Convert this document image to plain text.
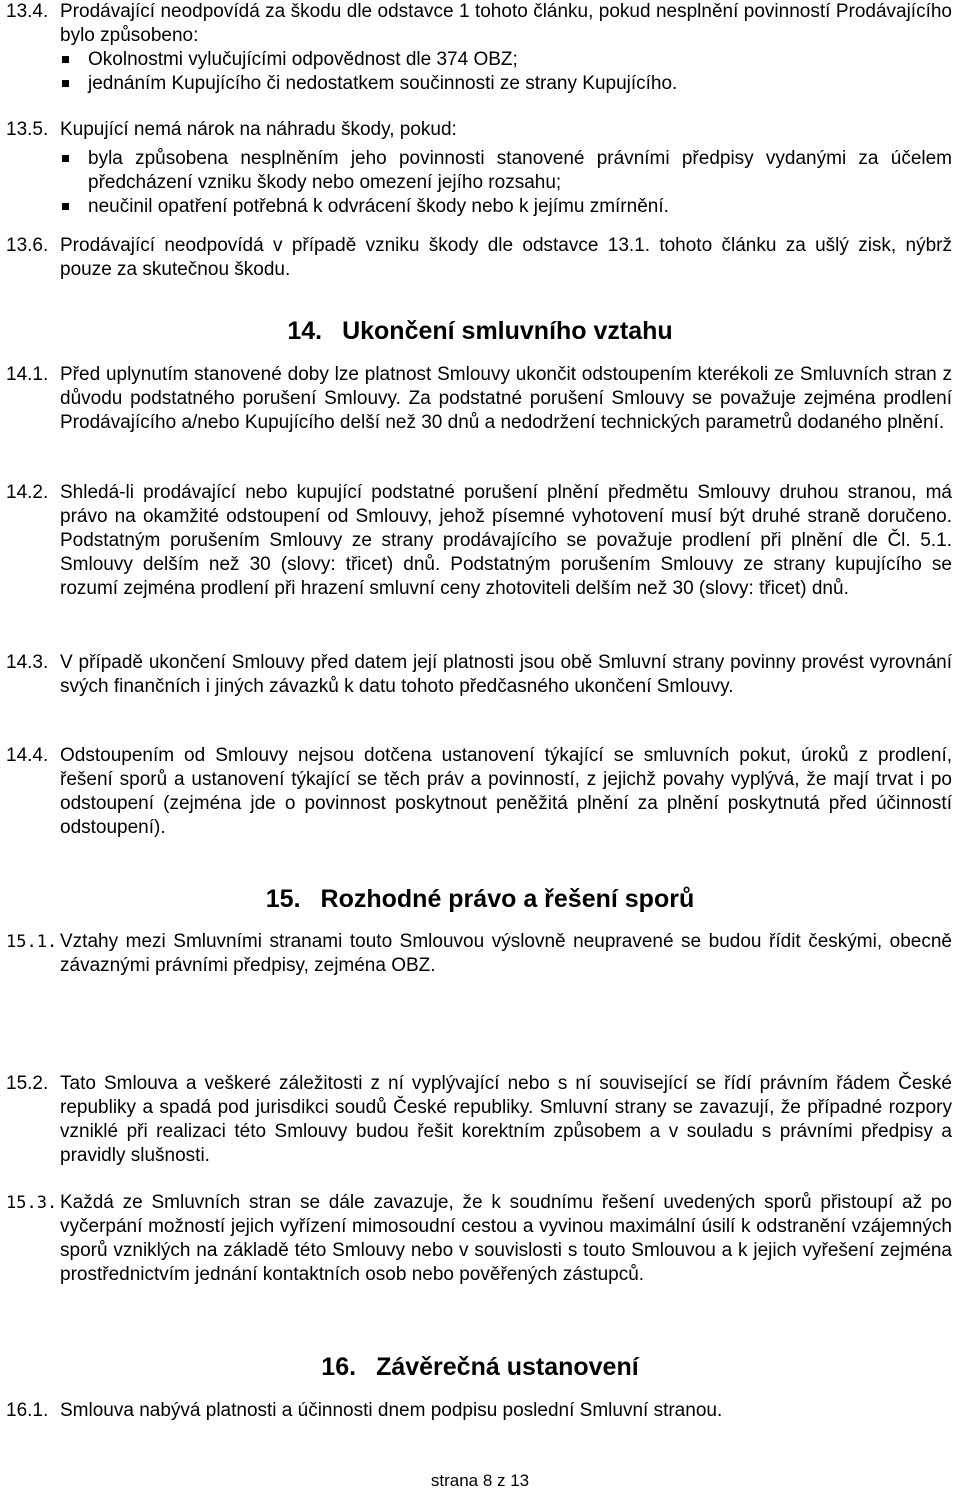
13.4. Prodávající neodpovídá za škodu dle odstavce 1 tohoto článku, pokud nesplnění povinností Prodávajícího bylo způsobeno:
Okolnostmi vylučujícími odpovědnost dle 374 OBZ;
jednáním Kupujícího či nedostatkem součinnosti ze strany Kupujícího.
13.5. Kupující nemá nárok na náhradu škody, pokud:
byla způsobena nesplněním jeho povinnosti stanovené právními předpisy vydanými za účelem předcházení vzniku škody nebo omezení jejího rozsahu;
neučinil opatření potřebná k odvrácení škody nebo k jejímu zmírnění.
13.6. Prodávající neodpovídá v případě vzniku škody dle odstavce 13.1. tohoto článku za ušlý zisk, nýbrž pouze za skutečnou škodu.
14. Ukončení smluvního vztahu
14.1. Před uplynutím stanovené doby lze platnost Smlouvy ukončit odstoupením kterékoli ze Smluvních stran z důvodu podstatného porušení Smlouvy. Za podstatné porušení Smlouvy se považuje zejména prodlení Prodávajícího a/nebo Kupujícího delší než 30 dnů a nedodržení technických parametrů dodaného plnění.
14.2. Shledá-li prodávající nebo kupující podstatné porušení plnění předmětu Smlouvy druhou stranou, má právo na okamžité odstoupení od Smlouvy, jehož písemné vyhotovení musí být druhé straně doručeno. Podstatným porušením Smlouvy ze strany prodávajícího se považuje prodlení při plnění dle Čl. 5.1. Smlouvy delším než 30 (slovy: třicet) dnů. Podstatným porušením Smlouvy ze strany kupujícího se rozumí zejména prodlení při hrazení smluvní ceny zhotoviteli delším než 30 (slovy: třicet) dnů.
14.3. V případě ukončení Smlouvy před datem její platnosti jsou obě Smluvní strany povinny provést vyrovnání svých finančních i jiných závazků k datu tohoto předčasného ukončení Smlouvy.
14.4. Odstoupením od Smlouvy nejsou dotčena ustanovení týkající se smluvních pokut, úroků z prodlení, řešení sporů a ustanovení týkající se těch práv a povinností, z jejichž povahy vyplývá, že mají trvat i po odstoupení (zejména jde o povinnost poskytnout peněžitá plnění za plnění poskytnutá před účinností odstoupení).
15. Rozhodné právo a řešení sporů
15.1. Vztahy mezi Smluvními stranami touto Smlouvou výslovně neupravené se budou řídit českými, obecně závaznými právními předpisy, zejména OBZ.
15.2. Tato Smlouva a veškeré záležitosti z ní vyplývající nebo s ní související se řídí právním řádem České republiky a spadá pod jurisdikci soudů České republiky. Smluvní strany se zavazují, že případné rozpory vzniklé při realizaci této Smlouvy budou řešit korektním způsobem a v souladu s právními předpisy a pravidly slušnosti.
15.3. Každá ze Smluvních stran se dále zavazuje, že k soudnímu řešení uvedených sporů přistoupí až po vyčerpání možností jejich vyřízení mimosoudní cestou a vyvinou maximální úsilí k odstranění vzájemných sporů vzniklých na základě této Smlouvy nebo v souvislosti s touto Smlouvou a k jejich vyřešení zejména prostřednictvím jednání kontaktních osob nebo pověřených zástupců.
16. Závěrečná ustanovení
16.1. Smlouva nabývá platnosti a účinnosti dnem podpisu poslední Smluvní stranou.
strana 8 z 13
